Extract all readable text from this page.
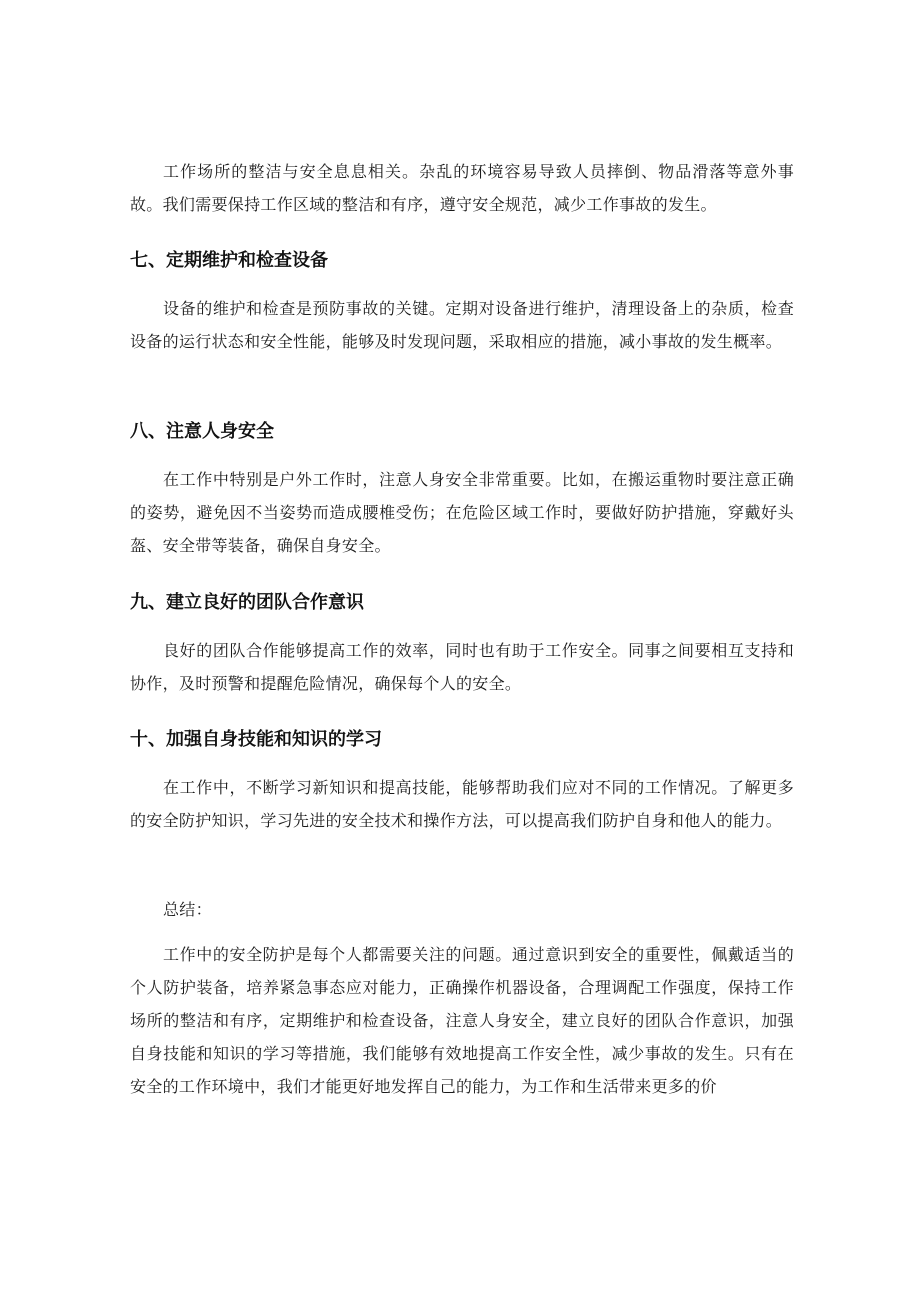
工作场所的整洁与安全息息相关。杂乱的环境容易导致人员摔倒、物品滑落等意外事故。我们需要保持工作区域的整洁和有序，遵守安全规范，减少工作事故的发生。

七、定期维护和检查设备

设备的维护和检查是预防事故的关键。定期对设备进行维护，清理设备上的杂质，检查设备的运行状态和安全性能，能够及时发现问题，采取相应的措施，减小事故的发生概率。

八、注意人身安全

在工作中特别是户外工作时，注意人身安全非常重要。比如，在搬运重物时要注意正确的姿势，避免因不当姿势而造成腰椎受伤；在危险区域工作时，要做好防护措施，穿戴好头盔、安全带等装备，确保自身安全。

九、建立良好的团队合作意识

良好的团队合作能够提高工作的效率，同时也有助于工作安全。同事之间要相互支持和协作，及时预警和提醒危险情况，确保每个人的安全。

十、加强自身技能和知识的学习

在工作中，不断学习新知识和提高技能，能够帮助我们应对不同的工作情况。了解更多的安全防护知识，学习先进的安全技术和操作方法，可以提高我们防护自身和他人的能力。

总结：

工作中的安全防护是每个人都需要关注的问题。通过意识到安全的重要性，佩戴适当的个人防护装备，培养紧急事态应对能力，正确操作机器设备，合理调配工作强度，保持工作场所的整洁和有序，定期维护和检查设备，注意人身安全，建立良好的团队合作意识，加强自身技能和知识的学习等措施，我们能够有效地提高工作安全性，减少事故的发生。只有在安全的工作环境中，我们才能更好地发挥自己的能力，为工作和生活带来更多的价
